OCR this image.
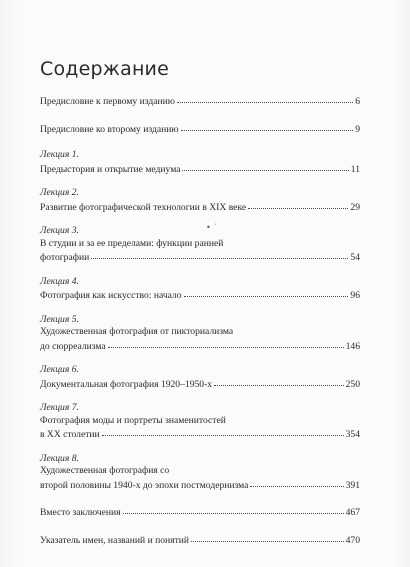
Содержание
• ˙
Предисловие к первому изданию	6
Предисловие ко второму изданию	9
Лекция 1.
Предыстория и открытие медиума	11
Лекция 2.
Развитие фотографической технологии в XIX веке	29
Лекция 3.
В студии и за ее пределами: функции ранней
фотографии	54
Лекция 4.
Фотография как искусство: начало	96
Лекция 5.
Художественная фотография от пикториализма
до сюрреализма	146
Лекция 6.
Документальная фотография 1920–1950-х	250
Лекция 7.
Фотография моды и портреты знаменитостей
в XX столетии	354
Лекция 8.
Художественная фотография со
второй половины 1940-х до эпохи постмодернизма	391
Вместо заключения	467
Указатель имен, названий и понятий	470
